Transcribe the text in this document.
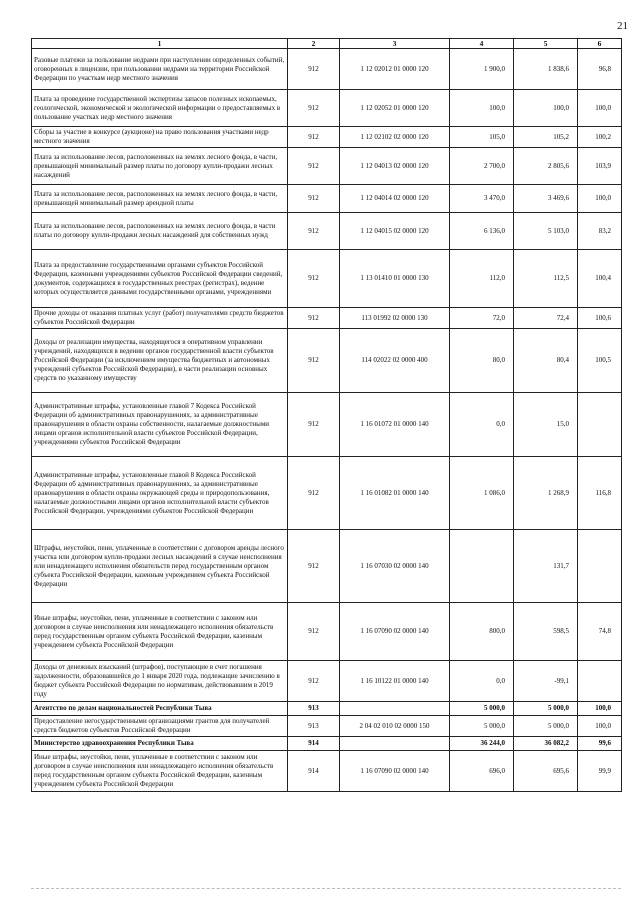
21
1	2	3	4	5	6
Разовые платежи за пользование недрами при наступлении определенных событий, оговоренных в лицензии, при пользовании недрами на территории Российской Федерации по участкам недр местного значения	912	1 12 02012 01 0000 120	1 900,0	1 838,6	96,8
Плата за проведение государственной экспертизы запасов полезных ископаемых, геологической, экономической и экологической информации о предоставляемых в пользование участках недр местного значения	912	1 12 02052 01 0000 120	100,0	100,0	100,0
Сборы за участие в конкурсе (аукционе) на право пользования участками недр местного значения	912	1 12 02102 02 0000 120	105,0	105,2	100,2
Плата за использование лесов, расположенных на землях лесного фонда, в части, превышающей минимальный размер платы по договору купли-продажи лесных насаждений	912	1 12 04013 02 0000 120	2 700,0	2 805,6	103,9
Плата за использование лесов, расположенных на землях лесного фонда, в части, превышающей минимальный размер арендной платы	912	1 12 04014 02 0000 120	3 470,0	3 469,6	100,0
Плата за использование лесов, расположенных на землях лесного фонда, в части платы по договору купли-продажи лесных насаждений для собственных нужд	912	1 12 04015 02 0000 120	6 136,0	5 103,0	83,2
Плата за предоставление государственными органами субъектов Российской Федерации, казенными учреждениями субъектов Российской Федерации сведений, документов, содержащихся в государственных реестрах (регистрах), ведение которых осуществляется данными государственными органами, учреждениями	912	1 13 01410 01 0000 130	112,0	112,5	100,4
Прочие доходы от оказания платных услуг (работ) получателями средств бюджетов субъектов Российской Федерации	912	113 01992 02 0000 130	72,0	72,4	100,6
Доходы от реализации имущества, находящегося в оперативном управлении учреждений, находящихся в ведении органов государственной власти субъектов Российской Федерации (за исключением имущества бюджетных и автономных учреждений субъектов Российской Федерации), в части реализации основных средств по указанному имуществу	912	114 02022 02 0000 400	80,0	80,4	100,5
Административные штрафы, установленные главой 7 Кодекса Российской Федерации об административных правонарушениях, за административные правонарушения в области охраны собственности, налагаемые должностными лицами органов исполнительной власти субъектов Российской Федерации, учреждениями субъектов Российской Федерации	912	1 16 01072 01 0000 140	0,0	15,0	
Административные штрафы, установленные главой 8 Кодекса Российской Федерации об административных правонарушениях, за административные правонарушения в области охраны окружающей среды и природопользования, налагаемые должностными лицами органов исполнительной власти субъектов Российской Федерации, учреждениями субъектов Российской Федерации	912	1 16 01082 01 0000 140	1 086,0	1 268,9	116,8
Штрафы, неустойки, пени, уплаченные в соответствии с договором аренды лесного участка или договором купли-продажи лесных насаждений в случае неисполнения или ненадлежащего исполнения обязательств перед государственным органом субъекта Российской Федерации, казенным учреждением субъекта Российской Федерации	912	1 16 07030 02 0000 140		131,7	
Иные штрафы, неустойки, пени, уплаченные в соответствии с законом или договором в случае неисполнения или ненадлежащего исполнения обязательств перед государственным органом субъекта Российской Федерации, казенным учреждением субъекта Российской Федерации	912	1 16 07090 02 0000 140	800,0	598,5	74,8
Доходы от денежных взысканий (штрафов), поступающие в счет погашения задолженности, образовавшейся до 1 января 2020 года, подлежащие зачислению в бюджет субъекта Российской Федерации по нормативам, действовавшим в 2019 году	912	1 16 10122 01 0000 140	0,0	-99,1	
Агентство по делам национальностей Республики Тыва	913		5 000,0	5 000,0	100,0
Предоставление негосударственными организациями грантов для получателей средств бюджетов субъектов Российской Федерации	913	2 04 02 010 02 0000 150	5 000,0	5 000,0	100,0
Министерство здравоохранения Республики Тыва	914		36 244,0	36 082,2	99,6
Иные штрафы, неустойки, пени, уплаченные в соответствии с законом или договором в случае неисполнения или ненадлежащего исполнения обязательств перед государственным органом субъекта Российской Федерации, казенным учреждением субъекта Российской Федерации	914	1 16 07090 02 0000 140	696,0	695,6	99,9
